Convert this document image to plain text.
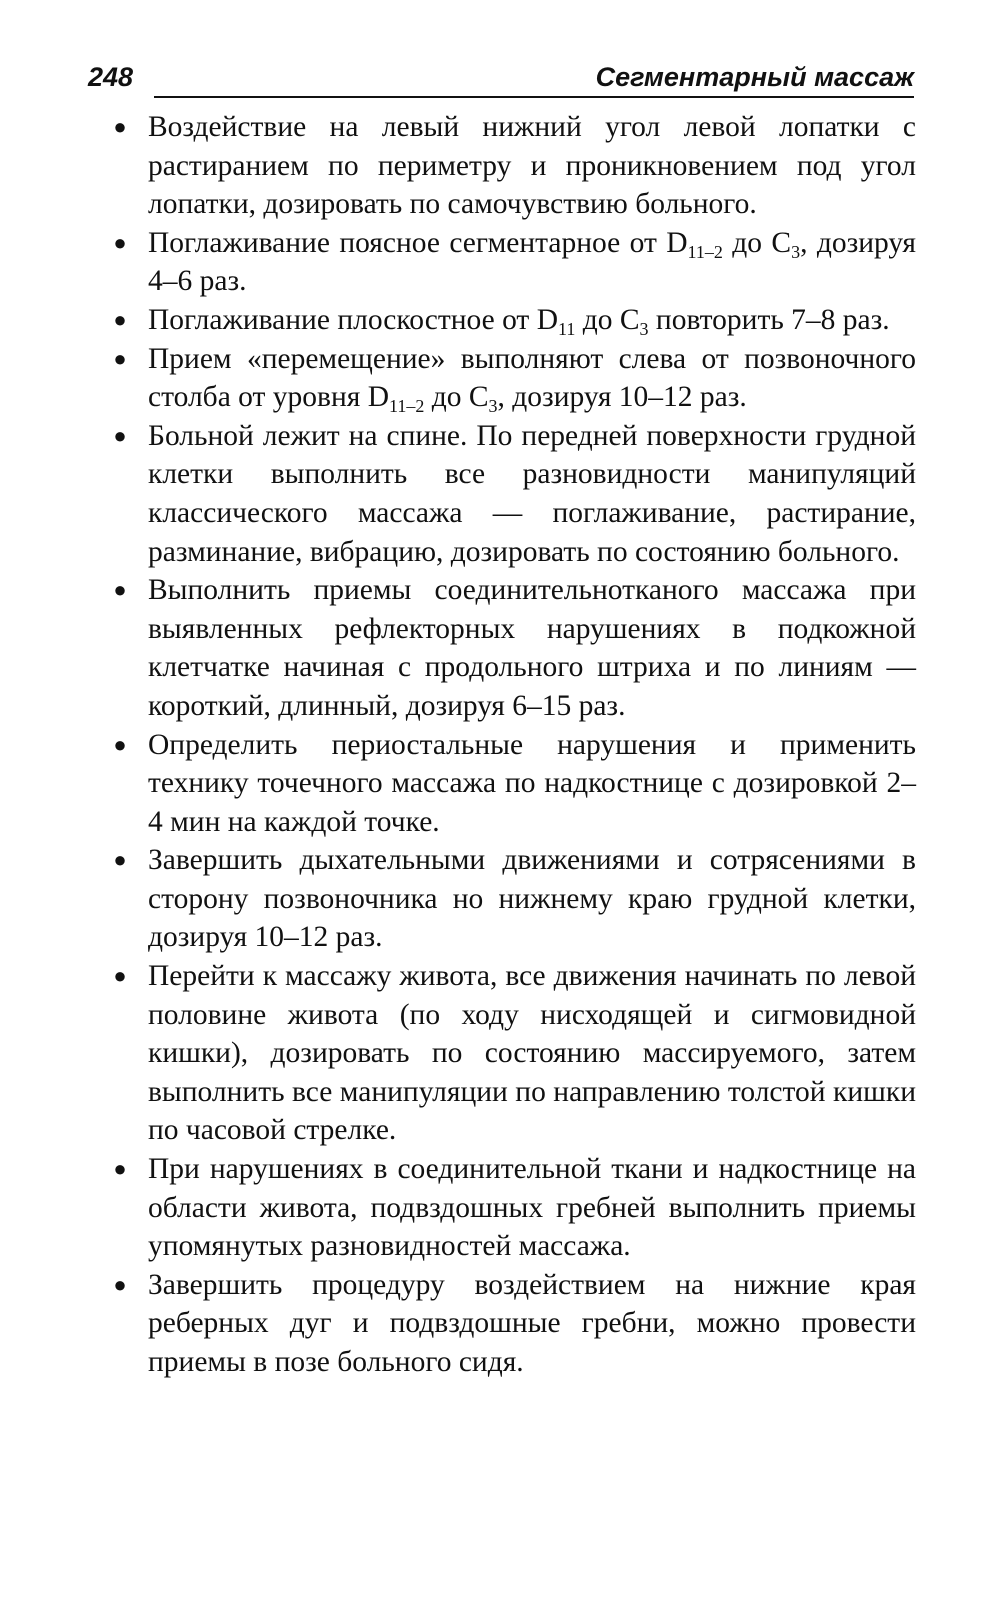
248	Сегментарный массаж
● Воздействие на левый нижний угол левой лопатки с растиранием по периметру и проникновением под угол лопатки, дозировать по самочувствию больного.
● Поглаживание поясное сегментарное от $D_{11-2}$ до $C_3$, дозируя 4–6 раз.
● Поглаживание плоскостное от $D_{11}$ до $C_3$ повторить 7–8 раз.
● Прием «перемещение» выполняют слева от позвоночного столба от уровня $D_{11-2}$ до $C_3$, дозируя 10–12 раз.
● Больной лежит на спине. По передней поверхности грудной клетки выполнить все разновидности манипуляций классического массажа — поглаживание, растирание, разминание, вибрацию, дозировать по состоянию больного.
● Выполнить приемы соединительнотканого массажа при выявленных рефлекторных нарушениях в подкожной клетчатке начиная с продольного штриха и по линиям — короткий, длинный, дозируя 6–15 раз.
● Определить периостальные нарушения и применить технику точечного массажа по надкостнице с дозировкой 2–4 мин на каждой точке.
● Завершить дыхательными движениями и сотрясениями в сторону позвоночника но нижнему краю грудной клетки, дозируя 10–12 раз.
● Перейти к массажу живота, все движения начинать по левой половине живота (по ходу нисходящей и сигмовидной кишки), дозировать по состоянию массируемого, затем выполнить все манипуляции по направлению толстой кишки по часовой стрелке.
● При нарушениях в соединительной ткани и надкостнице на области живота, подвздошных гребней выполнить приемы упомянутых разновидностей массажа.
● Завершить процедуру воздействием на нижние края реберных дуг и подвздошные гребни, можно провести приемы в позе больного сидя.
